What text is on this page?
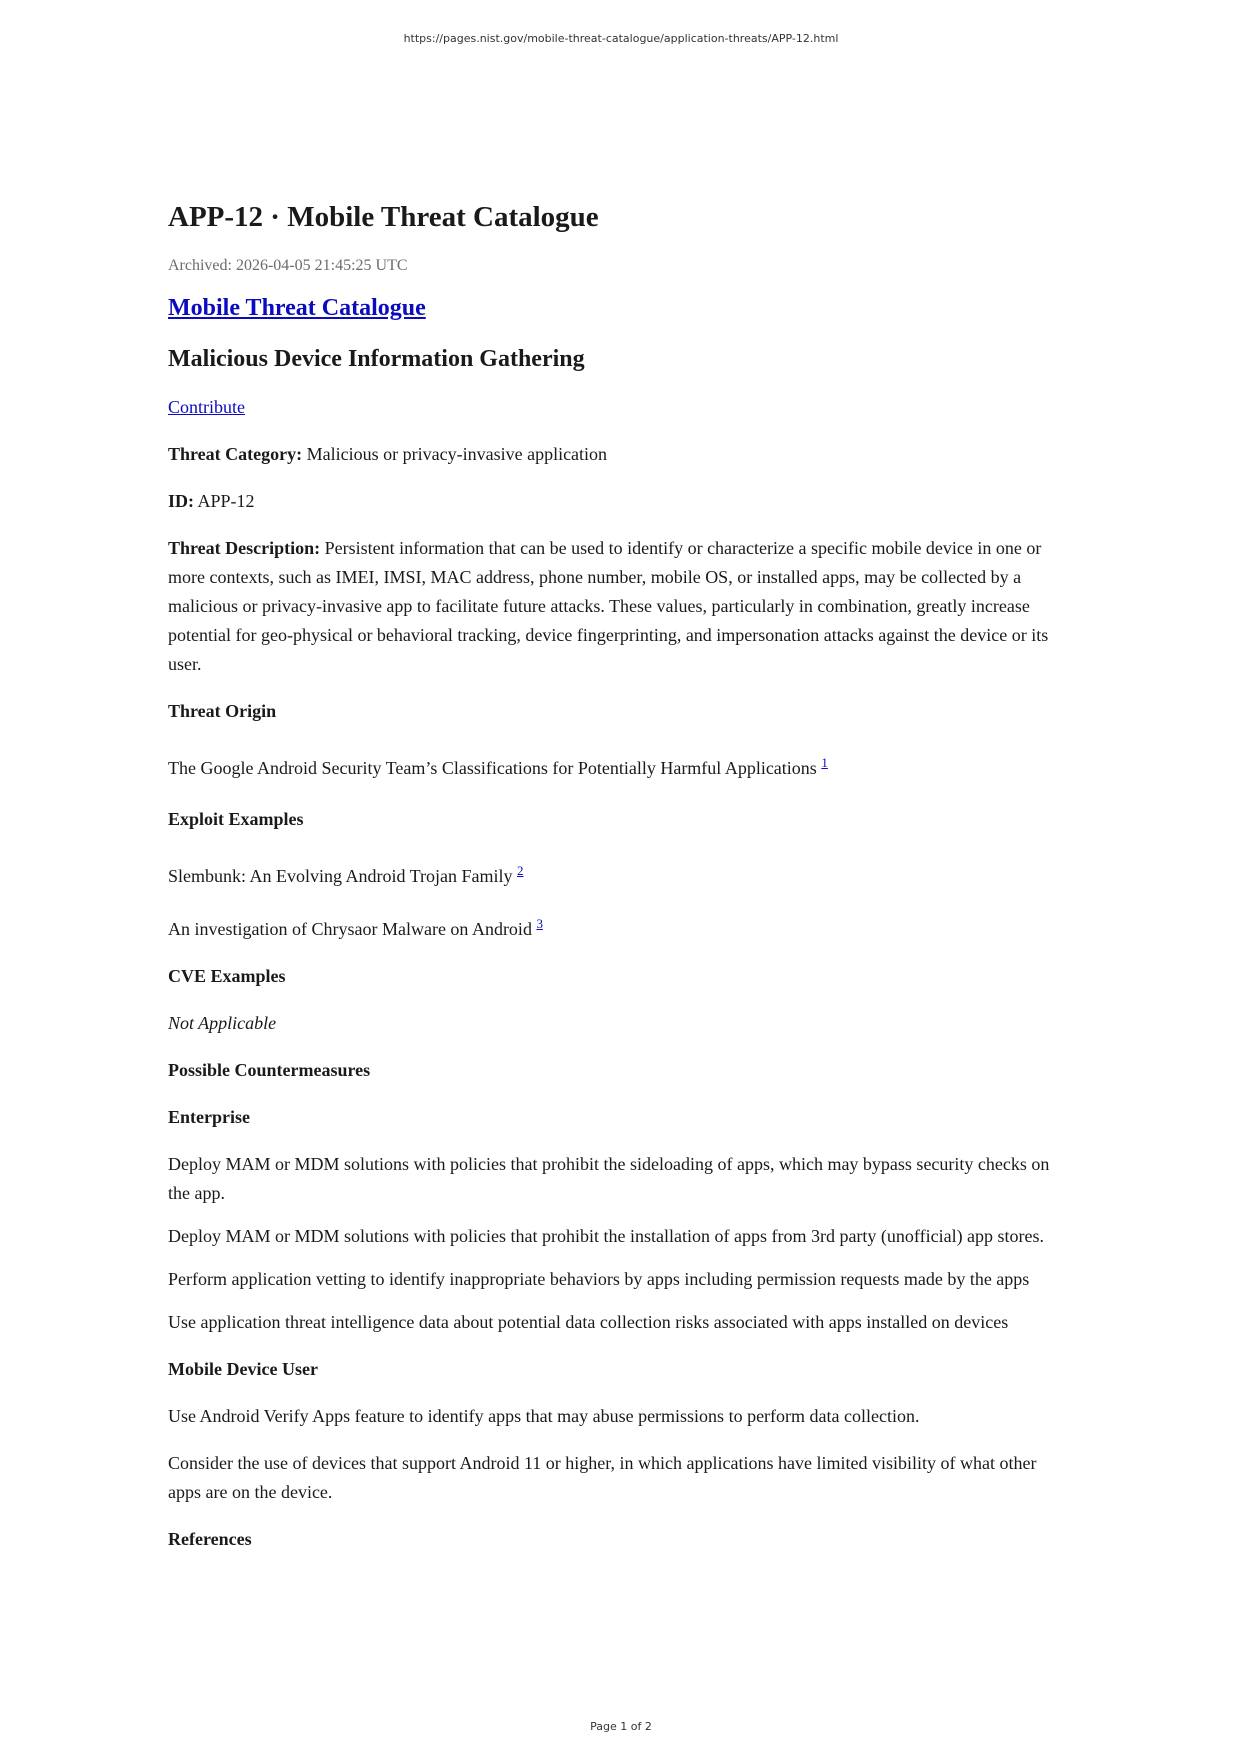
https://pages.nist.gov/mobile-threat-catalogue/application-threats/APP-12.html
APP-12 · Mobile Threat Catalogue
Archived: 2026-04-05 21:45:25 UTC
Mobile Threat Catalogue
Malicious Device Information Gathering
Contribute

Threat Category: Malicious or privacy-invasive application

ID: APP-12

Threat Description: Persistent information that can be used to identify or characterize a specific mobile device in one or more contexts, such as IMEI, IMSI, MAC address, phone number, mobile OS, or installed apps, may be collected by a malicious or privacy-invasive app to facilitate future attacks. These values, particularly in combination, greatly increase potential for geo-physical or behavioral tracking, device fingerprinting, and impersonation attacks against the device or its user.

Threat Origin

The Google Android Security Team’s Classifications for Potentially Harmful Applications $^1$

Exploit Examples

Slembunk: An Evolving Android Trojan Family $^2$

An investigation of Chrysaor Malware on Android $^3$

CVE Examples

Not Applicable

Possible Countermeasures

Enterprise

Deploy MAM or MDM solutions with policies that prohibit the sideloading of apps, which may bypass security checks on the app.

Deploy MAM or MDM solutions with policies that prohibit the installation of apps from 3rd party (unofficial) app stores.

Perform application vetting to identify inappropriate behaviors by apps including permission requests made by the apps

Use application threat intelligence data about potential data collection risks associated with apps installed on devices

Mobile Device User

Use Android Verify Apps feature to identify apps that may abuse permissions to perform data collection.

Consider the use of devices that support Android 11 or higher, in which applications have limited visibility of what other apps are on the device.

References

Page 1 of 2
